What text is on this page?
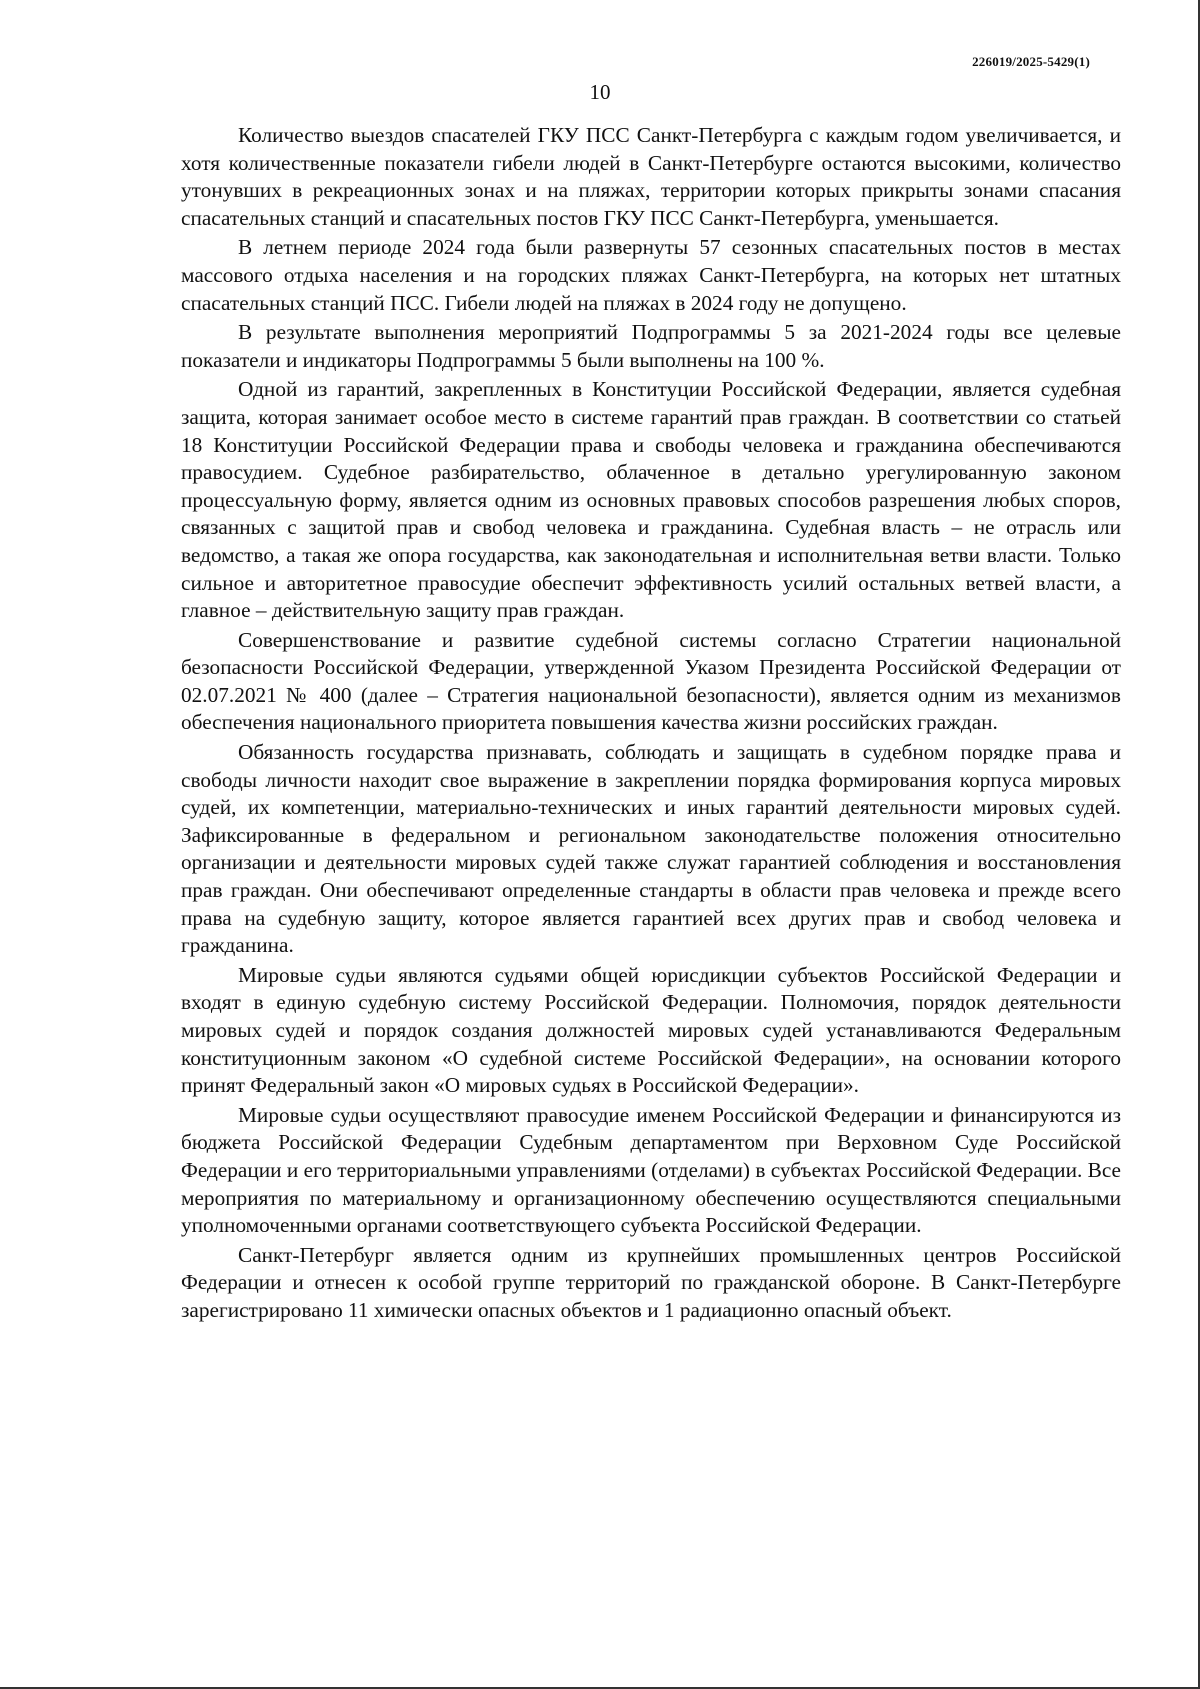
226019/2025-5429(1)
10

Количество выездов спасателей ГКУ ПСС Санкт-Петербурга с каждым годом увеличивается, и хотя количественные показатели гибели людей в Санкт-Петербурге остаются высокими, количество утонувших в рекреационных зонах и на пляжах, территории которых прикрыты зонами спасания спасательных станций и спасательных постов ГКУ ПСС Санкт-Петербурга, уменьшается.

В летнем периоде 2024 года были развернуты 57 сезонных спасательных постов в местах массового отдыха населения и на городских пляжах Санкт-Петербурга, на которых нет штатных спасательных станций ПСС. Гибели людей на пляжах в 2024 году не допущено.

В результате выполнения мероприятий Подпрограммы 5 за 2021-2024 годы все целевые показатели и индикаторы Подпрограммы 5 были выполнены на 100 %.

Одной из гарантий, закрепленных в Конституции Российской Федерации, является судебная защита, которая занимает особое место в системе гарантий прав граждан. В соответствии со статьей 18 Конституции Российской Федерации права и свободы человека и гражданина обеспечиваются правосудием. Судебное разбирательство, облаченное в детально урегулированную законом процессуальную форму, является одним из основных правовых способов разрешения любых споров, связанных с защитой прав и свобод человека и гражданина. Судебная власть – не отрасль или ведомство, а такая же опора государства, как законодательная и исполнительная ветви власти. Только сильное и авторитетное правосудие обеспечит эффективность усилий остальных ветвей власти, а главное – действительную защиту прав граждан.

Совершенствование и развитие судебной системы согласно Стратегии национальной безопасности Российской Федерации, утвержденной Указом Президента Российской Федерации от 02.07.2021 № 400 (далее – Стратегия национальной безопасности), является одним из механизмов обеспечения национального приоритета повышения качества жизни российских граждан.

Обязанность государства признавать, соблюдать и защищать в судебном порядке права и свободы личности находит свое выражение в закреплении порядка формирования корпуса мировых судей, их компетенции, материально-технических и иных гарантий деятельности мировых судей. Зафиксированные в федеральном и региональном законодательстве положения относительно организации и деятельности мировых судей также служат гарантией соблюдения и восстановления прав граждан. Они обеспечивают определенные стандарты в области прав человека и прежде всего права на судебную защиту, которое является гарантией всех других прав и свобод человека и гражданина.

Мировые судьи являются судьями общей юрисдикции субъектов Российской Федерации и входят в единую судебную систему Российской Федерации. Полномочия, порядок деятельности мировых судей и порядок создания должностей мировых судей устанавливаются Федеральным конституционным законом «О судебной системе Российской Федерации», на основании которого принят Федеральный закон «О мировых судьях в Российской Федерации».

Мировые судьи осуществляют правосудие именем Российской Федерации и финансируются из бюджета Российской Федерации Судебным департаментом при Верховном Суде Российской Федерации и его территориальными управлениями (отделами) в субъектах Российской Федерации. Все мероприятия по материальному и организационному обеспечению осуществляются специальными уполномоченными органами соответствующего субъекта Российской Федерации.

Санкт-Петербург является одним из крупнейших промышленных центров Российской Федерации и отнесен к особой группе территорий по гражданской обороне. В Санкт-Петербурге зарегистрировано 11 химически опасных объектов и 1 радиационно опасный объект.
